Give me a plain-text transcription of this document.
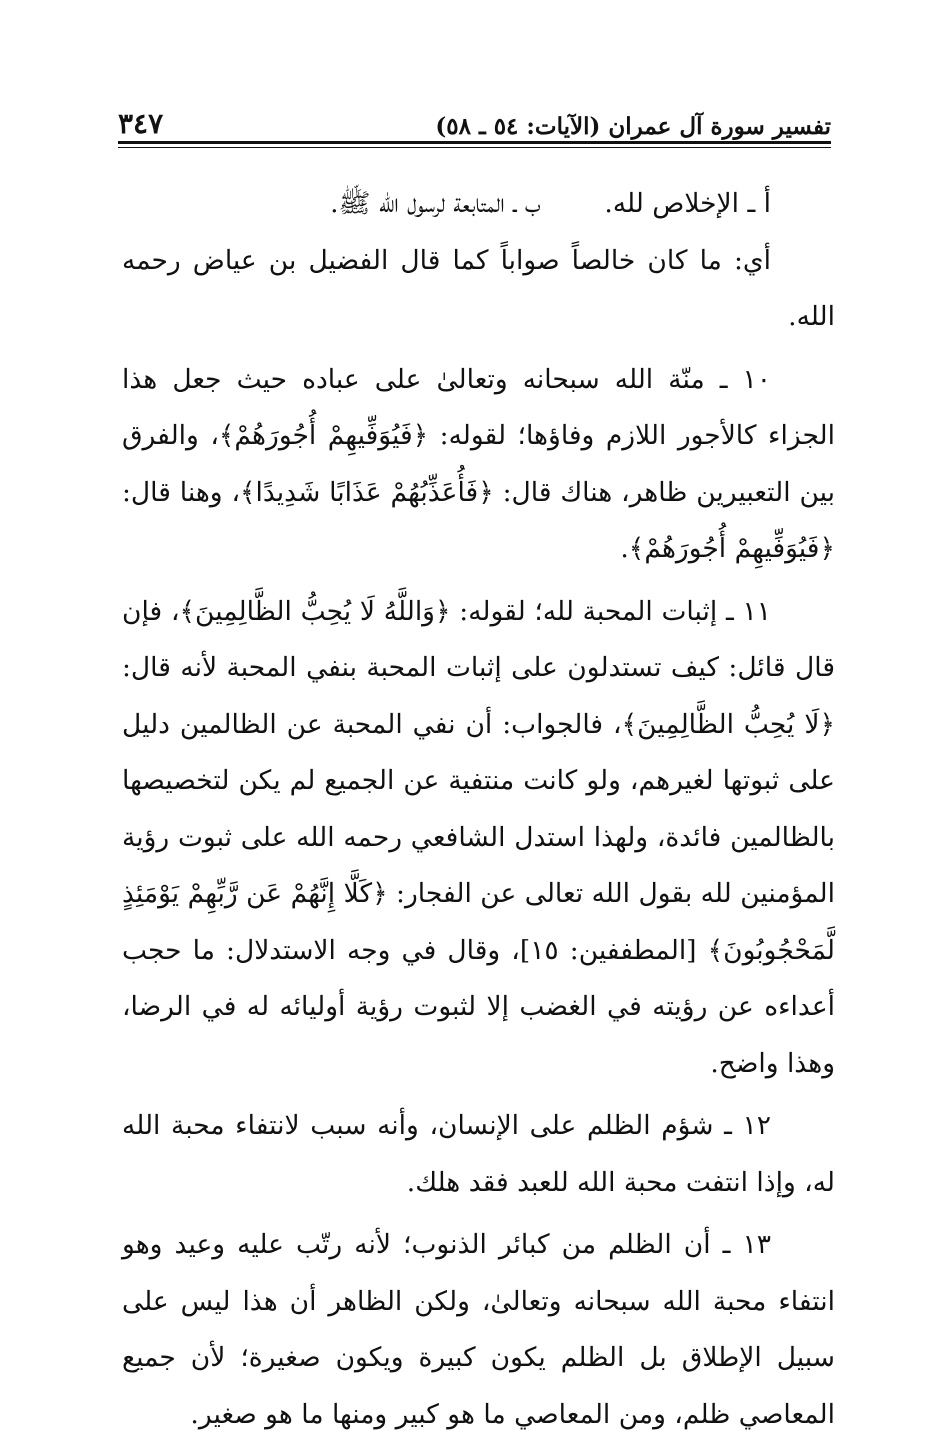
تفسير سورة آل عمران (الآيات: ٥٤ ـ ٥٨)
٣٤٧
أ ـ الإخلاص لله.
ب ـ المتابعة لرسول الله ﷺ.

أي: ما كان خالصاً صواباً كما قال الفضيل بن عياض رحمه الله.

١٠ ـ منّة الله سبحانه وتعالىٰ على عباده حيث جعل هذا الجزاء كالأجور اللازم وفاؤها؛ لقوله: ﴿فَيُوَفِّيهِمْ أُجُورَهُمْ﴾، والفرق بين التعبيرين ظاهر، هناك قال: ﴿فَأُعَذِّبُهُمْ عَذَابًا شَدِيدًا﴾، وهنا قال: ﴿فَيُوَفِّيهِمْ أُجُورَهُمْ﴾.

١١ ـ إثبات المحبة لله؛ لقوله: ﴿وَاللَّهُ لَا يُحِبُّ الظَّالِمِينَ﴾، فإن قال قائل: كيف تستدلون على إثبات المحبة بنفي المحبة لأنه قال: ﴿لَا يُحِبُّ الظَّالِمِينَ﴾، فالجواب: أن نفي المحبة عن الظالمين دليل على ثبوتها لغيرهم، ولو كانت منتفية عن الجميع لم يكن لتخصيصها بالظالمين فائدة، ولهذا استدل الشافعي رحمه الله على ثبوت رؤية المؤمنين لله بقول الله تعالى عن الفجار: ﴿كَلَّا إِنَّهُمْ عَن رَّبِّهِمْ يَوْمَئِذٍ لَّمَحْجُوبُونَ﴾ [المطففين: ١٥]، وقال في وجه الاستدلال: ما حجب أعداءه عن رؤيته في الغضب إلا لثبوت رؤية أوليائه له في الرضا، وهذا واضح.

١٢ ـ شؤم الظلم على الإنسان، وأنه سبب لانتفاء محبة الله له، وإذا انتفت محبة الله للعبد فقد هلك.

١٣ ـ أن الظلم من كبائر الذنوب؛ لأنه رتّب عليه وعيد وهو انتفاء محبة الله سبحانه وتعالىٰ، ولكن الظاهر أن هذا ليس على سبيل الإطلاق بل الظلم يكون كبيرة ويكون صغيرة؛ لأن جميع المعاصي ظلم، ومن المعاصي ما هو كبير ومنها ما هو صغير.
